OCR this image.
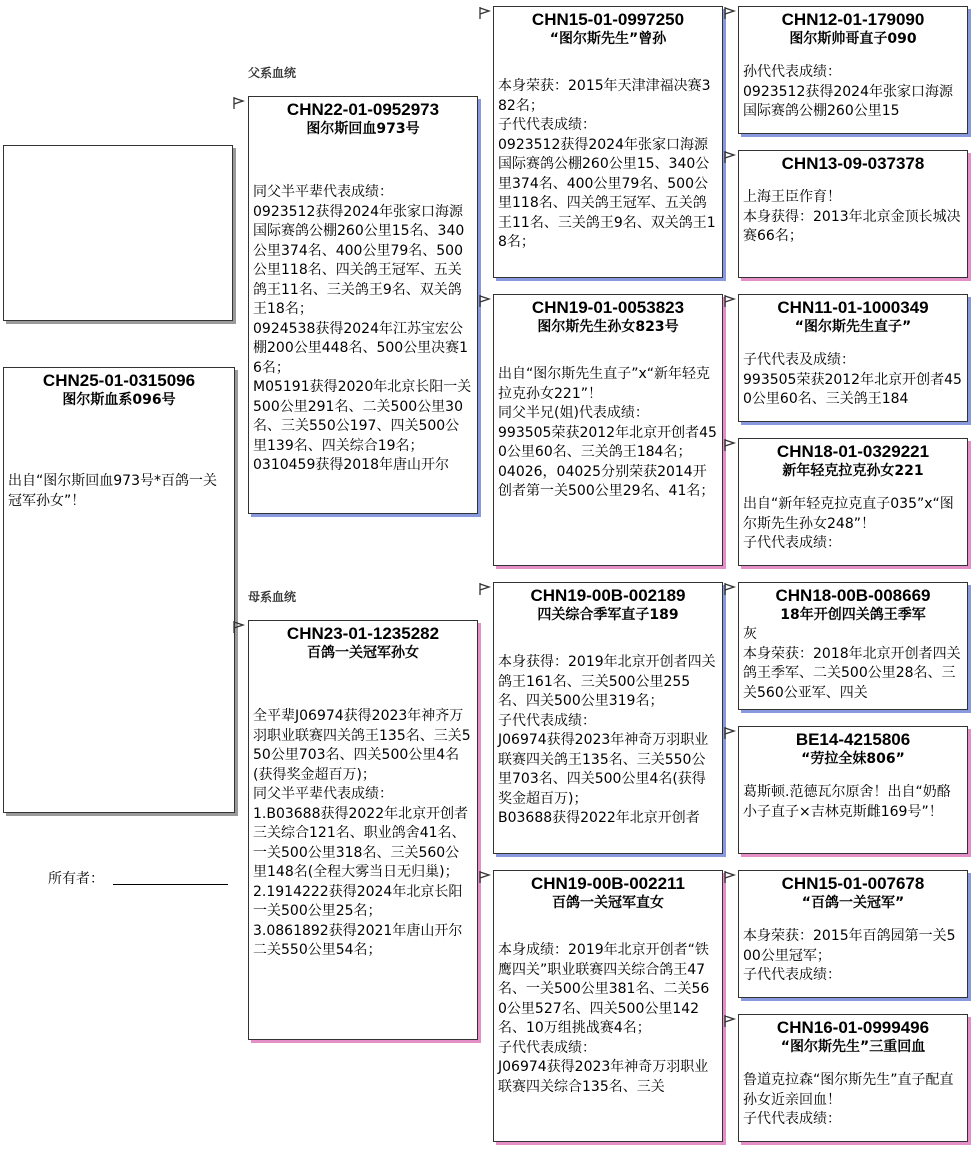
父系血统
母系血统
CHN25-01-0315096
图尔斯血系096号
出自“图尔斯回血973号*百鸽一关冠军孙女”！
所有者：
CHN22-01-0952973
图尔斯回血973号
同父半平辈代表成绩：
0923512获得2024年张家口海源国际赛鸽公棚260公里15名、340公里374名、400公里79名、500公里118名、四关鸽王冠军、五关鸽王11名、三关鸽王9名、双关鸽王18名；
0924538获得2024年江苏宝宏公棚200公里448名、500公里决赛16名；
M05191获得2020年北京长阳一关500公里291名、二关500公里30名、三关550公197、四关500公里139名、四关综合19名；
0310459获得2018年唐山开尔
CHN23-01-1235282
百鸽一关冠军孙女
全平辈J06974获得2023年神齐万羽职业联赛四关鸽王135名、三关550公里703名、四关500公里4名(获得奖金超百万)；
同父半平辈代表成绩：
1.B03688获得2022年北京开创者三关综合121名、职业鸽舍41名、一关500公里318名、三关560公里148名(全程大雾当日无归巢)；
2.1914222获得2024年北京长阳一关500公里25名；
3.0861892获得2021年唐山开尔二关550公里54名；
CHN15-01-0997250
“图尔斯先生”曾孙
本身荣获：2015年天津津福决赛382名；
子代代表成绩：
0923512获得2024年张家口海源国际赛鸽公棚260公里15、340公里374名、400公里79名、500公里118名、四关鸽王冠军、五关鸽王11名、三关鸽王9名、双关鸽王18名；
CHN19-01-0053823
图尔斯先生孙女823号
出自“图尔斯先生直子”x“新年轻克拉克孙女221”！
同父半兄(姐)代表成绩：
993505荣获2012年北京开创者450公里60名、三关鸽王184名；
04026，04025分别荣获2014开创者第一关500公里29名、41名；
CHN19-00B-002189
四关综合季军直子189
本身获得：2019年北京开创者四关鸽王161名、三关500公里255名、四关500公里319名；
子代代表成绩：
J06974获得2023年神奇万羽职业联赛四关鸽王135名、三关550公里703名、四关500公里4名(获得奖金超百万)；
B03688获得2022年北京开创者
CHN19-00B-002211
百鸽一关冠军直女
本身成绩：2019年北京开创者“铁鹰四关”职业联赛四关综合鸽王47名、一关500公里381名、二关560公里527名、四关500公里142名、10万组挑战赛4名；
子代代表成绩：
J06974获得2023年神奇万羽职业联赛四关综合135名、三关
CHN12-01-179090
图尔斯帅哥直子090
孙代代表成绩：
0923512获得2024年张家口海源国际赛鸽公棚260公里15
CHN13-09-037378
上海王臣作育！
本身获得：2013年北京金顶长城决赛66名；
CHN11-01-1000349
“图尔斯先生直子”
子代代表及成绩：
993505荣获2012年北京开创者450公里60名、三关鸽王184
CHN18-01-0329221
新年轻克拉克孙女221
出自“新年轻克拉克直子035”x“图尔斯先生孙女248”！
子代代表成绩：
CHN18-00B-008669
18年开创四关鸽王季军
灰
本身荣获：2018年北京开创者四关鸽王季军、二关500公里28名、三关560公亚军、四关
BE14-4215806
“劳拉全妹806”
葛斯顿.范德瓦尔原舍！出自“奶酪小子直子×吉林克斯雌169号”！
CHN15-01-007678
“百鸽一关冠军”
本身荣获：2015年百鸽园第一关500公里冠军；
子代代表成绩：
CHN16-01-0999496
“图尔斯先生”三重回血
鲁道克拉森“图尔斯先生”直子配直孙女近亲回血！
子代代表成绩：
